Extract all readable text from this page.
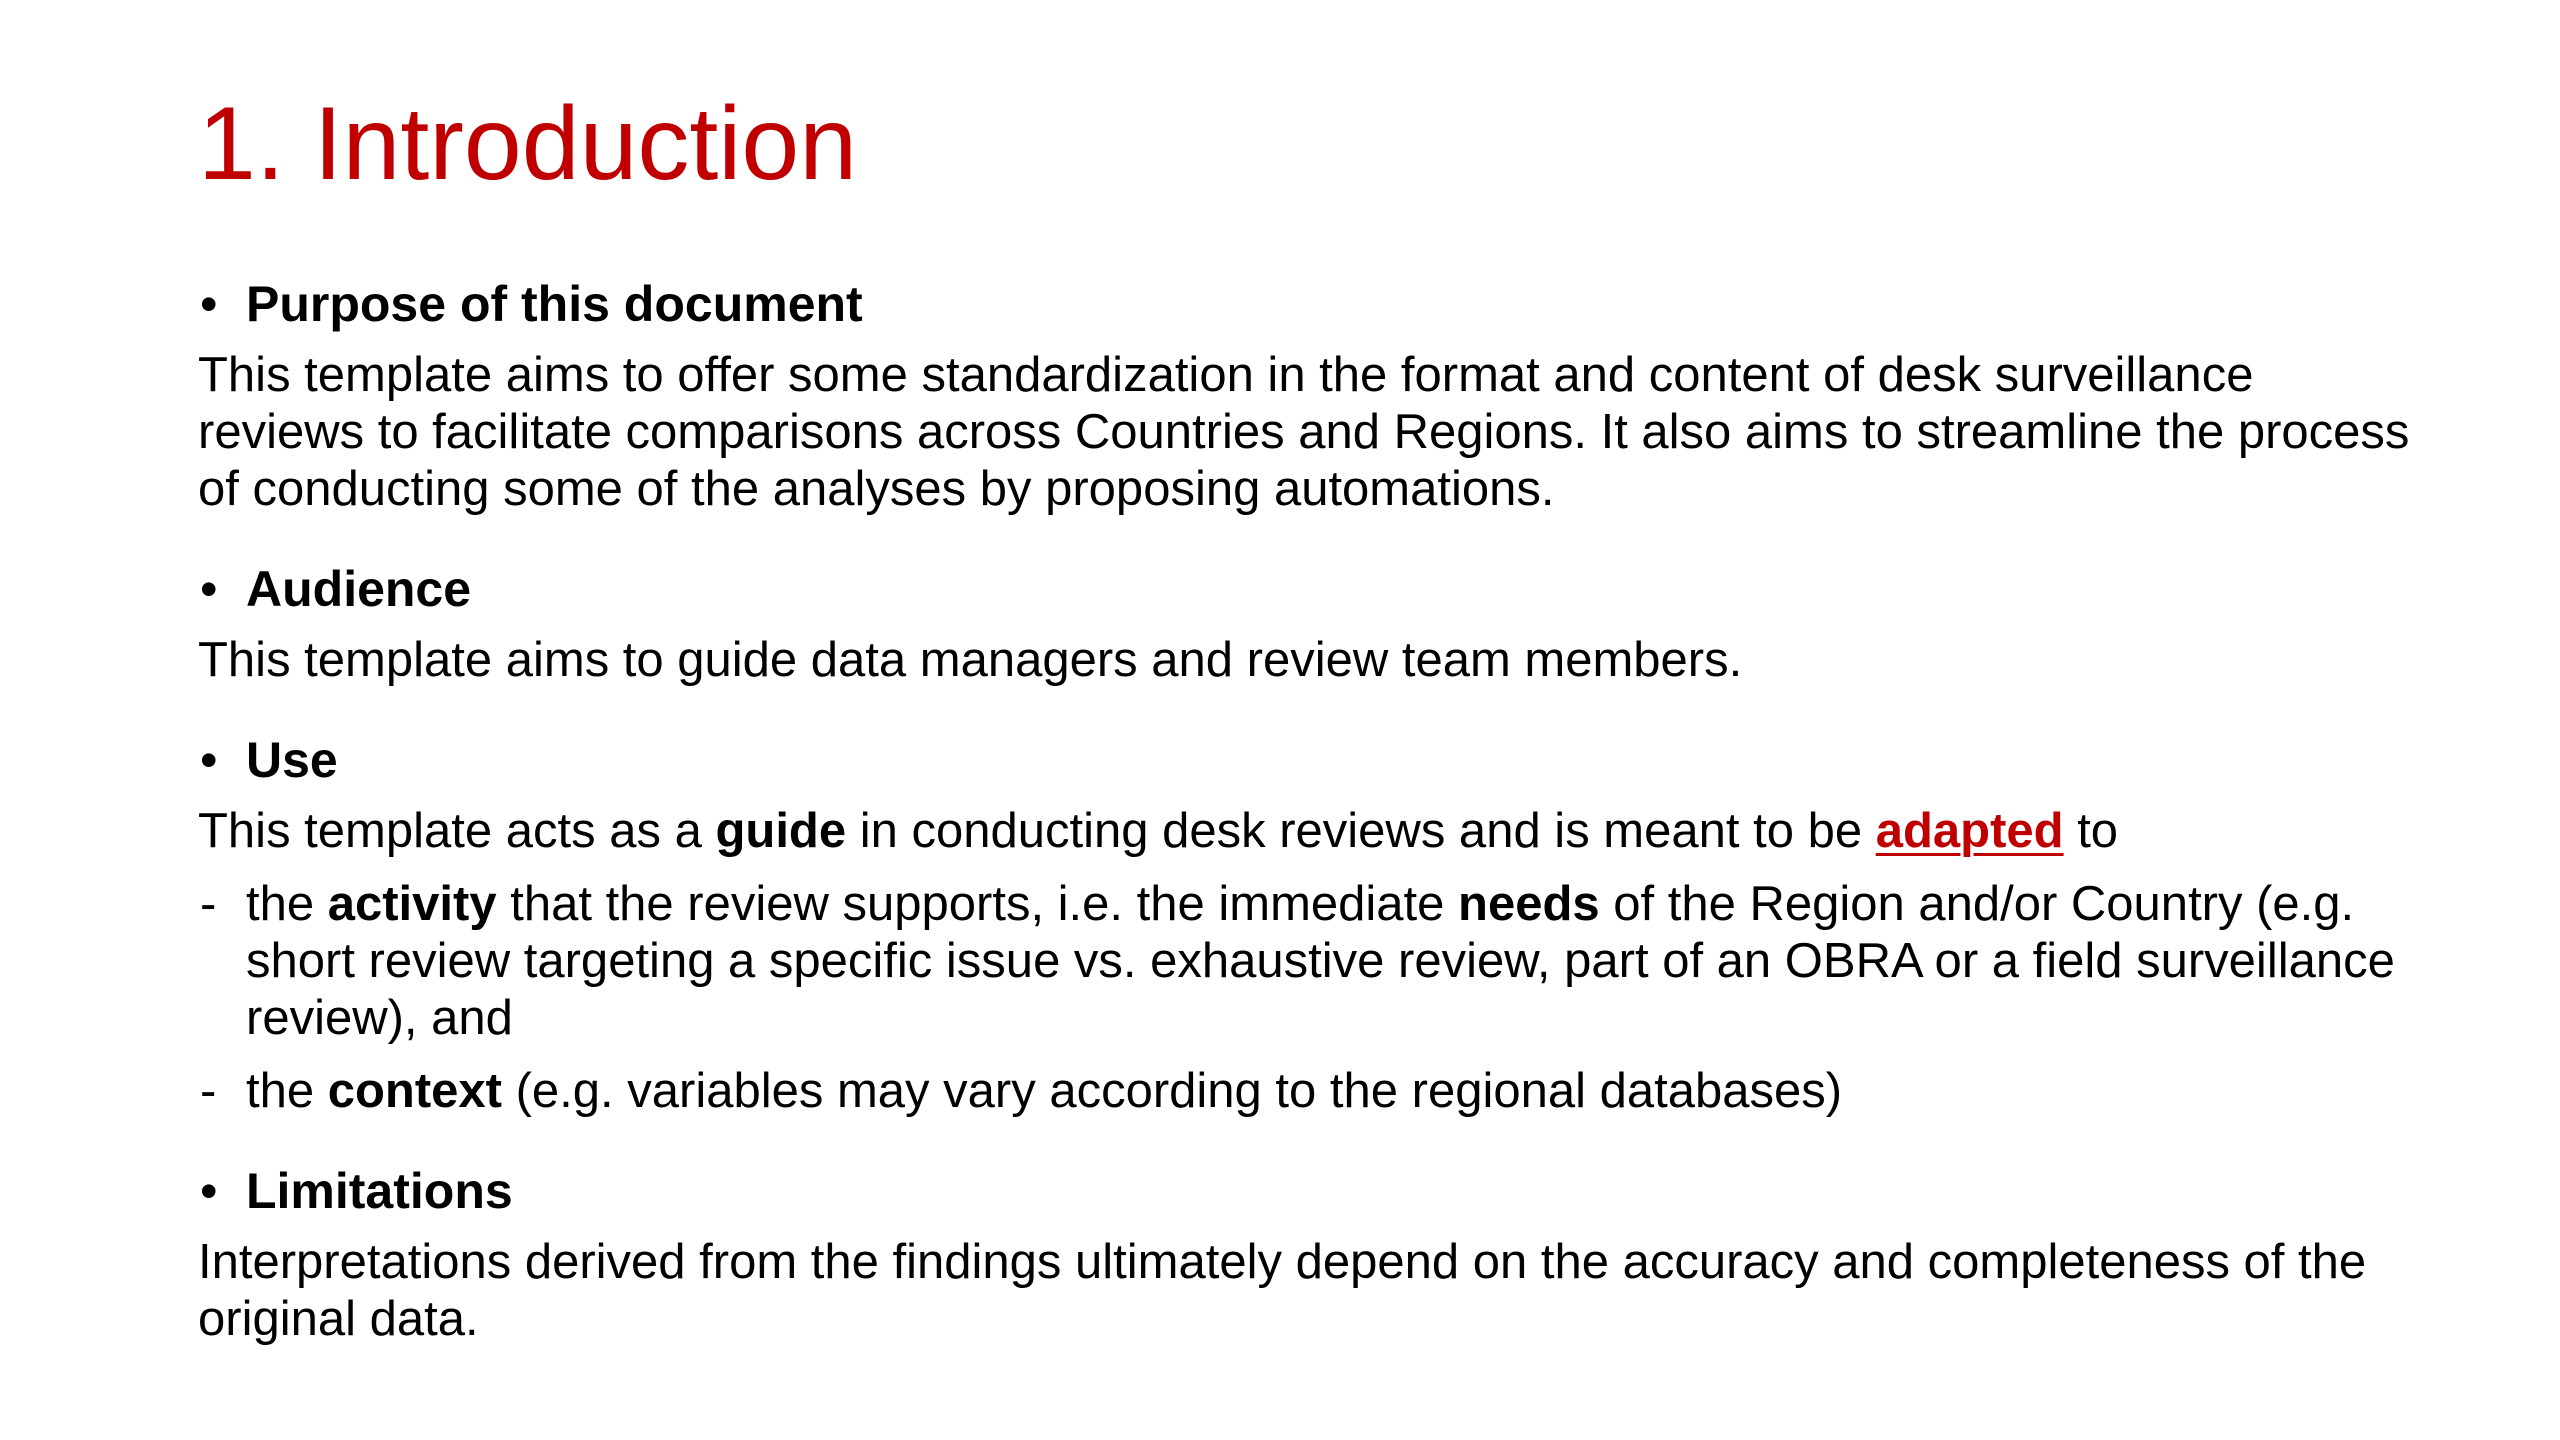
1. Introduction
• Purpose of this document
This template aims to offer some standardization in the format and content of desk surveillance reviews to facilitate comparisons across Countries and Regions. It also aims to streamline the process of conducting some of the analyses by proposing automations.
• Audience
This template aims to guide data managers and review team members.
• Use
This template acts as a guide in conducting desk reviews and is meant to be adapted to
- the activity that the review supports, i.e. the immediate needs of the Region and/or Country (e.g. short review targeting a specific issue vs. exhaustive review, part of an OBRA or a field surveillance review), and
- the context (e.g. variables may vary according to the regional databases)
• Limitations
Interpretations derived from the findings ultimately depend on the accuracy and completeness of the original data.
